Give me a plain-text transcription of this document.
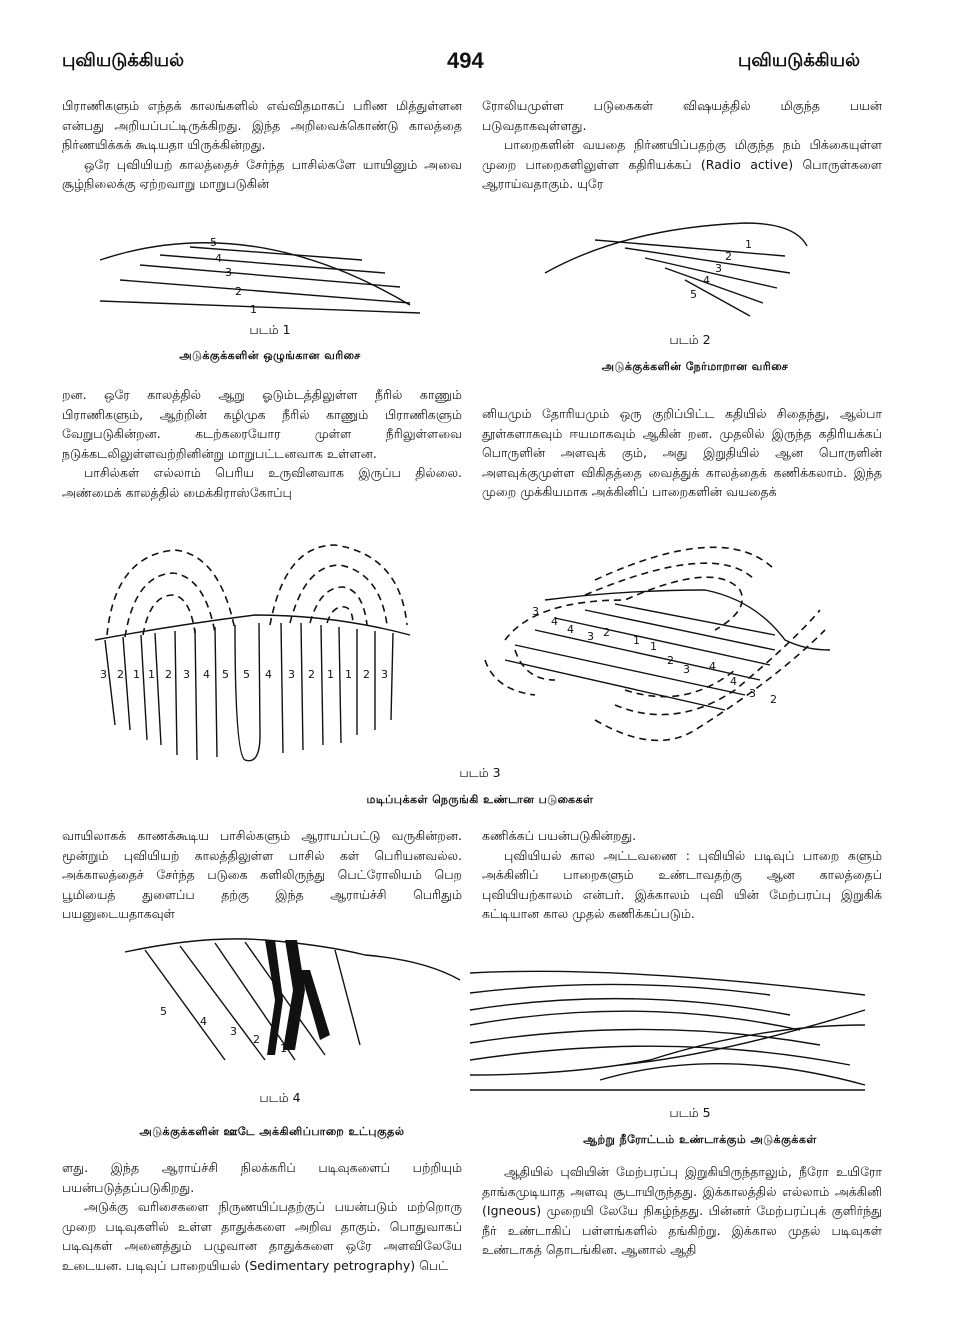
புவியடுக்கியல்	494	புவியடுக்கியல்

பிராணிகளும் எந்தக் காலங்களில் எவ்விதமாகப் பரிண மித்துள்ளன என்பது அறியப்பட்டிருக்கிறது. இந்த அறிவைக்கொண்டு காலத்தை நிர்ணயிக்கக் கூடியதா யிருக்கின்றது.

ஒரே புவியியற் காலத்தைச் சேர்ந்த பாசில்களே யாயினும் அவை சூழ்நிலைக்கு ஏற்றவாறு மாறுபடுகின்

ரோலியமுள்ள படுகைகள் விஷயத்தில் மிகுந்த பயன் படுவதாகவுள்ளது.

பாறைகளின் வயதை நிர்ணயிப்பதற்கு மிகுந்த நம் பிக்கையுள்ள முறை பாறைகளிலுள்ள கதிரியக்கப் (Radio active) பொருள்களை ஆராய்வதாகும். யுரே

5
4
3
2
1
படம் 1
அடுக்குக்களின் ஒழுங்கான வரிசை
1
2
3
4
5
படம் 2
அடுக்குக்களின் நேர்மாறான வரிசை

றன. ஒரே காலத்தில் ஆறு ஓடும்டத்திலுள்ள நீரில் காணும் பிராணிகளும், ஆற்றின் கழிமுக நீரில் காணும் பிராணிகளும் வேறுபடுகின்றன. கடற்கரையோர முள்ள நீரிலுள்ளவை நடுக்கடலிலுள்ளவற்றினின்று மாறுபட்டனவாக உள்ளன.

பாசில்கள் எல்லாம் பெரிய உருவினவாக இருப்ப தில்லை. அண்மைக் காலத்தில் மைக்கிராஸ்கோப்பு

னியமும் தோரியமும் ஒரு குறிப்பிட்ட கதியில் சிதைந்து, ஆல்பா தூள்களாகவும் ஈயமாகவும் ஆகின் றன. முதலில் இருந்த கதிரியக்கப் பொருளின் அளவுக் கும், அது இறுதியில் ஆன பொருளின் அளவுக்குமுள்ள விகிதத்தை வைத்துக் காலத்தைக் கணிக்கலாம். இந்த முறை முக்கியமாக அக்கினிப் பாறைகளின் வயதைக்

3 2 1 1 2 3 4 5 5 4 3 2 1 1 2 3
3
4
4
3 2
1 1
2
3 4
4
3 2
படம் 3
மடிப்புக்கள் நெருங்கி உண்டான படுகைகள்

வாயிலாகக் காணக்கூடிய பாசில்களும் ஆராயப்பட்டு வருகின்றன. மூன்றும் புவியியற் காலத்திலுள்ள பாசில் கள் பெரியனவல்ல. அக்காலத்தைச் சேர்ந்த படுகை களிலிருந்து பெட்ரோலியம் பெற பூமியைத் துளைப்ப தற்கு இந்த ஆராய்ச்சி பெரிதும் பயனுடையதாகவுள்

கணிக்கப் பயன்படுகின்றது.

புவியியல் கால அட்டவணை : புவியில் படிவுப் பாறை களும் அக்கினிப் பாறைகளும் உண்டாவதற்கு ஆன காலத்தைப் புவியியற்காலம் என்பர். இக்காலம் புவி யின் மேற்பரப்பு இறுகிக் கட்டியான கால முதல் கணிக்கப்படும்.

5
4
3
2
1
படம் 4
அடுக்குக்களின் ஊடே அக்கினிப்பாறை உட்புகுதல்
படம் 5
ஆற்று நீரோட்டம் உண்டாக்கும் அடுக்குக்கள்

ளது. இந்த ஆராய்ச்சி நிலக்கரிப் படிவுகளைப் பற்றியும் பயன்படுத்தப்படுகிறது.

அடுக்கு வரிசைகளை நிருணயிப்பதற்குப் பயன்படும் மற்றொரு முறை படிவுகளில் உள்ள தாதுக்களை அறிவ தாகும். பொதுவாகப் படிவுகள் அனைத்தும் பழுவான தாதுக்களை ஒரே அளவிலேயே உடையன. படிவுப் பாறையியல் (Sedimentary petrography) பெட்

ஆதியில் புவியின் மேற்பரப்பு இறுகியிருந்தாலும், நீரோ உயிரோ தாங்கமுடியாத அளவு சூடாயிருந்தது. இக்காலத்தில் எல்லாம் அக்கினி (Igneous) முறையி லேயே நிகழ்ந்தது. பின்னர் மேற்பரப்புக் குளிர்ந்து நீர் உண்டாகிப் பள்ளங்களில் தங்கிற்று. இக்கால முதல் படிவுகள் உண்டாகத் தொடங்கின. ஆனால் ஆதி
